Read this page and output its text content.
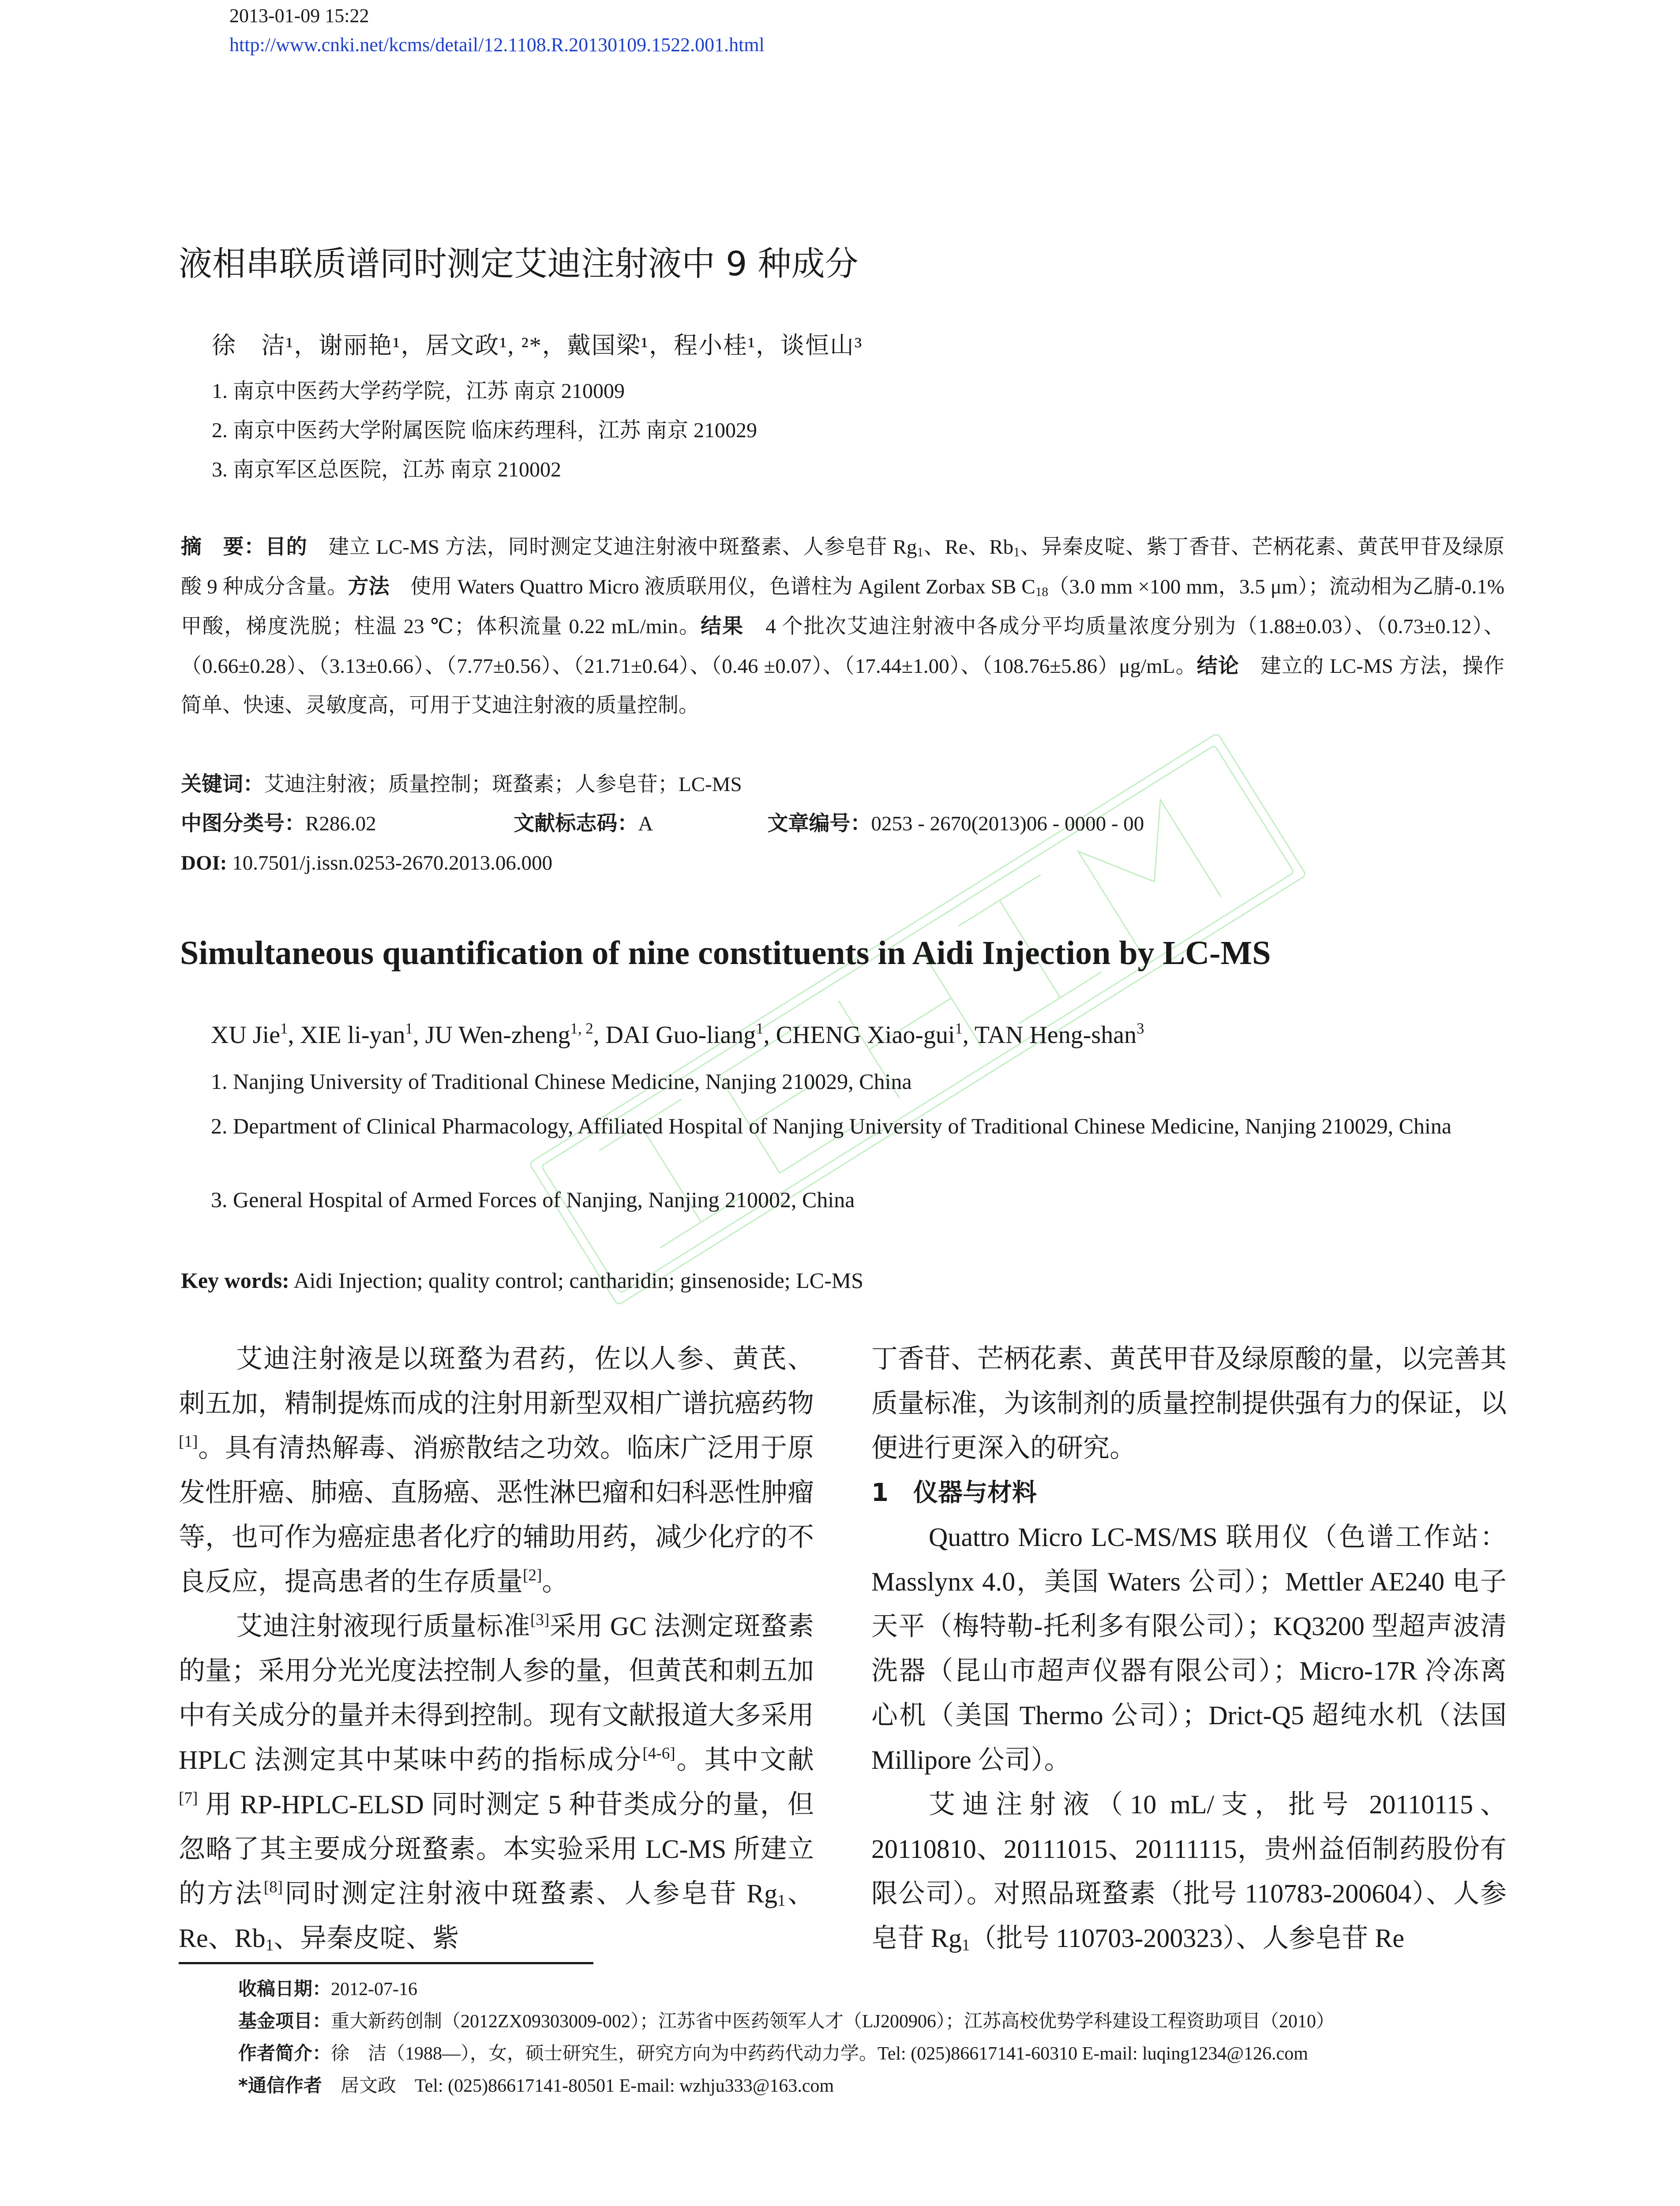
2013-01-09 15:22
http://www.cnki.net/kcms/detail/12.1108.R.20130109.1522.001.html
液相串联质谱同时测定艾迪注射液中 9 种成分
徐　洁¹，谢丽艳¹，居文政¹, ²*，戴国梁¹，程小桂¹，谈恒山³
1. 南京中医药大学药学院，江苏 南京 210009
2. 南京中医药大学附属医院 临床药理科，江苏 南京 210029
3. 南京军区总医院，江苏 南京 210002
摘　要：目的　建立 LC-MS 方法，同时测定艾迪注射液中斑蝥素、人参皂苷 $Rg_1$、Re、$Rb_1$、异秦皮啶、紫丁香苷、芒柄花素、黄芪甲苷及绿原酸 9 种成分含量。方法　使用 Waters Quattro Micro 液质联用仪，色谱柱为 Agilent Zorbax SB $C_{18}(3.0$ mm ×100 mm，3.5 μm）；流动相为乙腈-0.1%甲酸，梯度洗脱；柱温 23 ℃；体积流量 0.22 mL/min。结果　4 个批次艾迪注射液中各成分平均质量浓度分别为（1.88±0.03）、（0.73±0.12）、（0.66±0.28）、（3.13±0.66）、（7.77±0.56）、（21.71±0.64）、（0.46 ±0.07）、（17.44±1.00）、（108.76±5.86）μg/mL。结论　建立的 LC-MS 方法，操作简单、快速、灵敏度高，可用于艾迪注射液的质量控制。
关键词：艾迪注射液；质量控制；斑蝥素；人参皂苷；LC-MS
中图分类号：R286.02	文献标志码：A	文章编号：0253 - 2670(2013)06 - 0000 - 00
DOI: 10.7501/j.issn.0253-2670.2013.06.000
Simultaneous quantification of nine constituents in Aidi Injection by LC-MS
XU Jie$^1$, XIE li-yan$^1$, JU Wen-zheng$^{1, 2}$, DAI Guo-liang$^1$, CHENG Xiao-gui$^1$, TAN Heng-shan$^3$
1. Nanjing University of Traditional Chinese Medicine, Nanjing 210029, China
2. Department of Clinical Pharmacology, Affiliated Hospital of Nanjing University of Traditional Chinese Medicine, Nanjing 210029, China
3. General Hospital of Armed Forces of Nanjing, Nanjing 210002, China
Key words: Aidi Injection; quality control; cantharidin; ginsenoside; LC-MS

艾迪注射液是以斑蝥为君药，佐以人参、黄芪、刺五加，精制提炼而成的注射用新型双相广谱抗癌药物[1]。具有清热解毒、消瘀散结之功效。临床广泛用于原发性肝癌、肺癌、直肠癌、恶性淋巴瘤和妇科恶性肿瘤等，也可作为癌症患者化疗的辅助用药，减少化疗的不良反应，提高患者的生存质量[2]。

艾迪注射液现行质量标准[3]采用 GC 法测定斑蝥素的量；采用分光光度法控制人参的量，但黄芪和刺五加中有关成分的量并未得到控制。现有文献报道大多采用 HPLC 法测定其中某味中药的指标成分[4-6]。其中文献 [7] 用 RP-HPLC-ELSD 同时测定 5 种苷类成分的量，但忽略了其主要成分斑蝥素。本实验采用 LC-MS 所建立的方法[8]同时测定注射液中斑蝥素、人参皂苷 $Rg_1$、Re、$Rb_1$、异秦皮啶、紫

丁香苷、芒柄花素、黄芪甲苷及绿原酸的量，以完善其质量标准，为该制剂的质量控制提供强有力的保证，以便进行更深入的研究。

1　仪器与材料

Quattro Micro LC-MS/MS 联用仪（色谱工作站：Masslynx 4.0，美国 Waters 公司）；Mettler AE240 电子天平（梅特勒-托利多有限公司）；KQ3200 型超声波清洗器（昆山市超声仪器有限公司）；Micro-17R 冷冻离心机（美国 Thermo 公司）；Drict-Q5 超纯水机（法国 Millipore 公司）。

艾迪注射液（10 mL/支，批号 20110115、20110810、20111015、20111115，贵州益佰制药股份有限公司）。对照品斑蝥素（批号 110783-200604）、人参皂苷 $Rg_1$（批号 110703-200323）、人参皂苷 Re

收稿日期：2012-07-16
基金项目：重大新药创制（2012ZX09303009-002）；江苏省中医药领军人才（LJ200906）；江苏高校优势学科建设工程资助项目（2010）
作者简介：徐　洁（1988—），女，硕士研究生，研究方向为中药药代动力学。Tel: (025)86617141-60310 E-mail: luqing1234@126.com
*通信作者　居文政　Tel: (025)86617141-80501 E-mail: wzhju333@163.com
